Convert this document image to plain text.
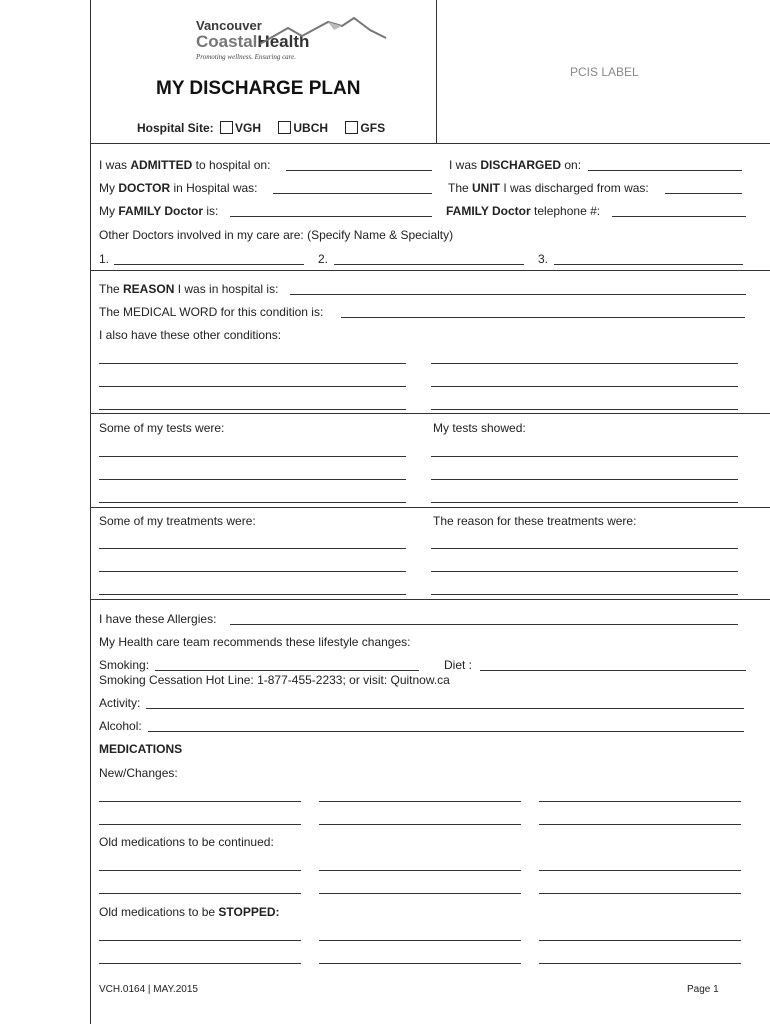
Vancouver
CoastalHealth
Promoting wellness. Ensuring care.
PCIS LABEL
MY DISCHARGE PLAN
Hospital Site: VGH	UBCH	GFS
I was ADMITTED to hospital on:	I was DISCHARGED on:
My DOCTOR in Hospital was:	The UNIT I was discharged from was:
My FAMILY Doctor is:	FAMILY Doctor telephone #:
Other Doctors involved in my care are: (Specify Name & Specialty)
1.	2.	3.
The REASON I was in hospital is:
The MEDICAL WORD for this condition is:
I also have these other conditions:
Some of my tests were:	My tests showed:
Some of my treatments were:	The reason for these treatments were:
I have these Allergies:
My Health care team recommends these lifestyle changes:
Smoking:	Diet :
Smoking Cessation Hot Line: 1-877-455-2233; or visit: Quitnow.ca
Activity:
Alcohol:
MEDICATIONS
New/Changes:
Old medications to be continued:
Old medications to be STOPPED:
VCH.0164 | MAY.2015	Page 1
